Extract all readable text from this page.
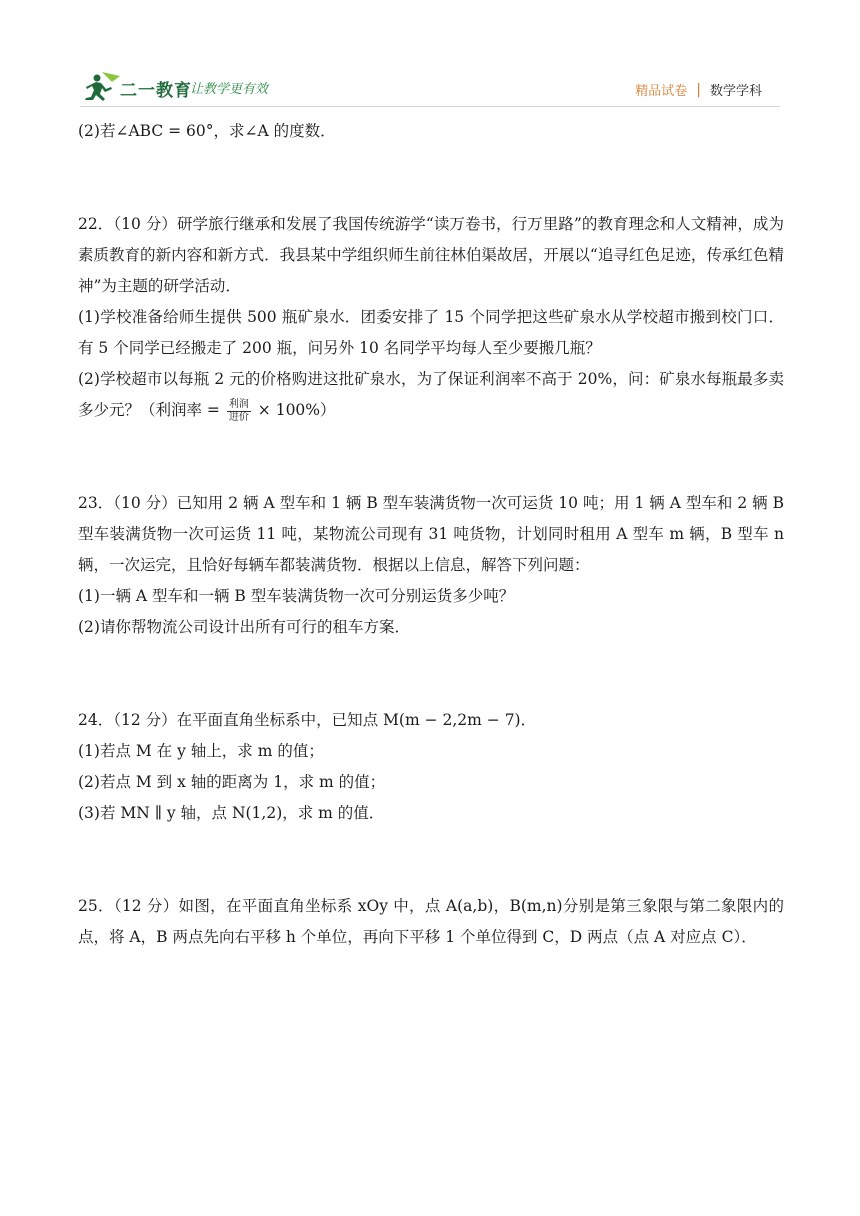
二一教育
让教学更有效	精品试卷 | 数学学科

(2)若∠ABC = 60°，求∠A 的度数．

22．（10 分）研学旅行继承和发展了我国传统游学“读万卷书，行万里路”的教育理念和人文精神，成为素质教育的新内容和新方式．我县某中学组织师生前往林伯渠故居，开展以“追寻红色足迹，传承红色精神”为主题的研学活动．

(1)学校准备给师生提供 500 瓶矿泉水．团委安排了 15 个同学把这些矿泉水从学校超市搬到校门口．有 5 个同学已经搬走了 200 瓶，问另外 10 名同学平均每人至少要搬几瓶？

(2)学校超市以每瓶 2 元的价格购进这批矿泉水，为了保证利润率不高于 20%，问：矿泉水每瓶最多卖多少元？（利润率 = $\frac{\text{利润}}{\text{进价}} \times 100\%$）

23．（10 分）已知用 2 辆 A 型车和 1 辆 B 型车装满货物一次可运货 10 吨；用 1 辆 A 型车和 2 辆 B 型车装满货物一次可运货 11 吨，某物流公司现有 31 吨货物，计划同时租用 A 型车 m 辆，B 型车 n 辆，一次运完，且恰好每辆车都装满货物．根据以上信息，解答下列问题：

(1)一辆 A 型车和一辆 B 型车装满货物一次可分别运货多少吨？

(2)请你帮物流公司设计出所有可行的租车方案．

24．（12 分）在平面直角坐标系中，已知点 M(m − 2,2m − 7)．

(1)若点 M 在 y 轴上，求 m 的值；

(2)若点 M 到 x 轴的距离为 1，求 m 的值；

(3)若 MN ∥ y 轴，点 N(1,2)，求 m 的值．

25．（12 分）如图，在平面直角坐标系 xOy 中，点 A(a,b)，B(m,n)分别是第三象限与第二象限内的点，将 A，B 两点先向右平移 h 个单位，再向下平移 1 个单位得到 C，D 两点（点 A 对应点 C）．
